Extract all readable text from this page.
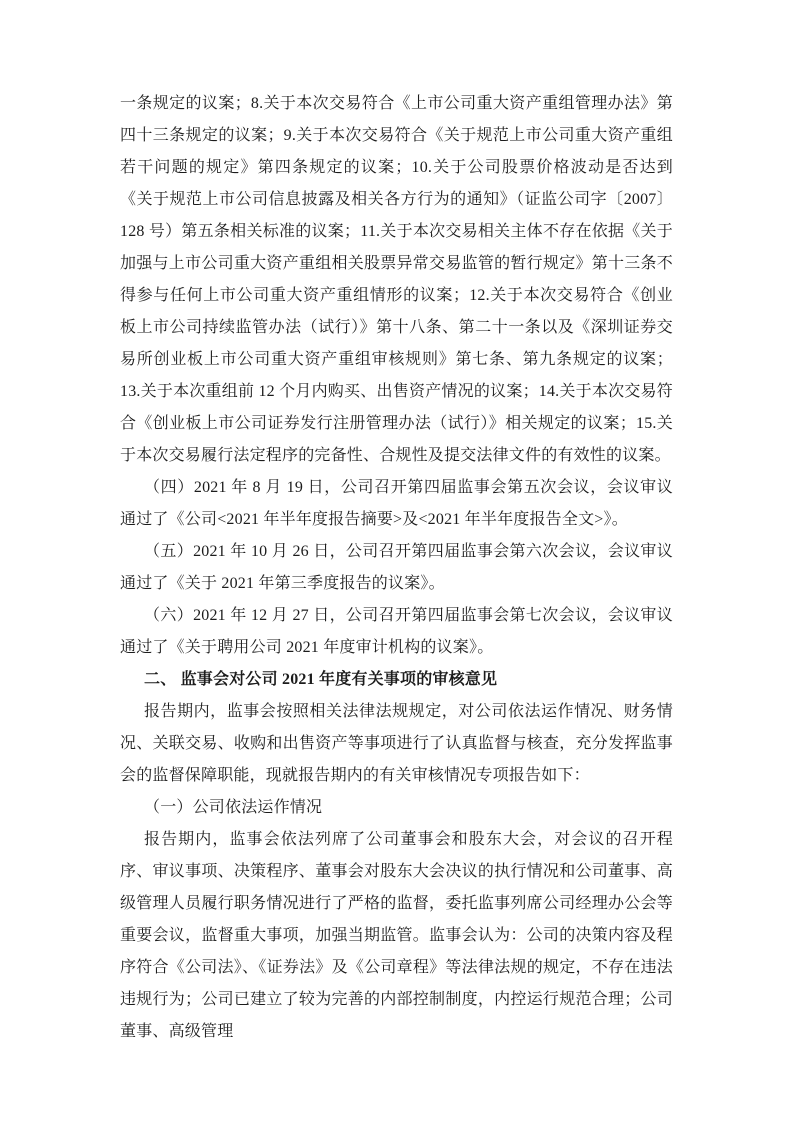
一条规定的议案；8.关于本次交易符合《上市公司重大资产重组管理办法》第四十三条规定的议案；9.关于本次交易符合《关于规范上市公司重大资产重组若干问题的规定》第四条规定的议案；10.关于公司股票价格波动是否达到《关于规范上市公司信息披露及相关各方行为的通知》（证监公司字〔2007〕128 号）第五条相关标准的议案；11.关于本次交易相关主体不存在依据《关于加强与上市公司重大资产重组相关股票异常交易监管的暂行规定》第十三条不得参与任何上市公司重大资产重组情形的议案；12.关于本次交易符合《创业板上市公司持续监管办法（试行）》第十八条、第二十一条以及《深圳证券交易所创业板上市公司重大资产重组审核规则》第七条、第九条规定的议案；13.关于本次重组前 12 个月内购买、出售资产情况的议案；14.关于本次交易符合《创业板上市公司证券发行注册管理办法（试行）》相关规定的议案；15.关于本次交易履行法定程序的完备性、合规性及提交法律文件的有效性的议案。

（四）2021 年 8 月 19 日，公司召开第四届监事会第五次会议，会议审议通过了《公司<2021 年半年度报告摘要>及<2021 年半年度报告全文>》。

（五）2021 年 10 月 26 日，公司召开第四届监事会第六次会议，会议审议通过了《关于 2021 年第三季度报告的议案》。

（六）2021 年 12 月 27 日，公司召开第四届监事会第七次会议，会议审议通过了《关于聘用公司 2021 年度审计机构的议案》。

二、 监事会对公司 2021 年度有关事项的审核意见

报告期内，监事会按照相关法律法规规定，对公司依法运作情况、财务情况、关联交易、收购和出售资产等事项进行了认真监督与核查，充分发挥监事会的监督保障职能，现就报告期内的有关审核情况专项报告如下：

（一）公司依法运作情况

报告期内，监事会依法列席了公司董事会和股东大会，对会议的召开程序、审议事项、决策程序、董事会对股东大会决议的执行情况和公司董事、高级管理人员履行职务情况进行了严格的监督，委托监事列席公司经理办公会等重要会议，监督重大事项，加强当期监管。监事会认为：公司的决策内容及程序符合《公司法》、《证券法》及《公司章程》等法律法规的规定，不存在违法违规行为；公司已建立了较为完善的内部控制制度，内控运行规范合理；公司董事、高级管理
